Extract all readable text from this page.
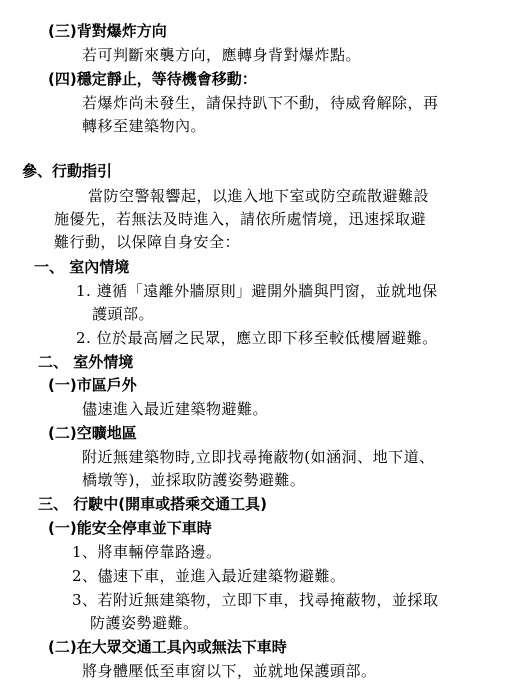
(三)背對爆炸方向
若可判斷來襲方向，應轉身背對爆炸點。
(四)穩定靜止，等待機會移動：
若爆炸尚未發生，請保持趴下不動，待威脅解除，再
轉移至建築物內。
參、行動指引
當防空警報響起，以進入地下室或防空疏散避難設
施優先，若無法及時進入，請依所處情境，迅速採取避
難行動，以保障自身安全：
一、 室內情境
1. 遵循「遠離外牆原則」避開外牆與門窗，並就地保
護頭部。
2. 位於最高層之民眾，應立即下移至較低樓層避難。
二、 室外情境
(一)市區戶外
儘速進入最近建築物避難。
(二)空曠地區
附近無建築物時,立即找尋掩蔽物(如涵洞、地下道、
橋墩等)，並採取防護姿勢避難。
三、 行駛中(開車或搭乘交通工具)
(一)能安全停車並下車時
1、將車輛停靠路邊。
2、儘速下車，並進入最近建築物避難。
3、若附近無建築物，立即下車，找尋掩蔽物，並採取
防護姿勢避難。
(二)在大眾交通工具內或無法下車時
將身體壓低至車窗以下，並就地保護頭部。
